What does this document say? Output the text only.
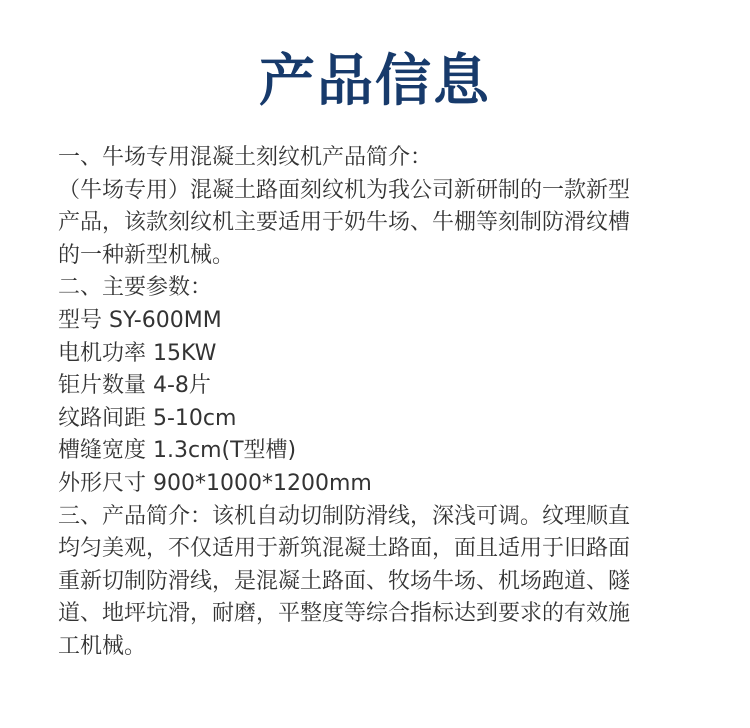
产品信息
一、牛场专用混凝土刻纹机产品简介：
（牛场专用）混凝土路面刻纹机为我公司新研制的一款新型
产品，该款刻纹机主要适用于奶牛场、牛棚等刻制防滑纹槽
的一种新型机械。
二、主要参数：
型号 SY-600MM
电机功率 15KW
钜片数量 4-8片
纹路间距 5-10cm
槽缝宽度 1.3cm(T型槽)
外形尺寸 900*1000*1200mm
三、产品简介：该机自动切制防滑线，深浅可调。纹理顺直
均匀美观，不仅适用于新筑混凝土路面，面且适用于旧路面
重新切制防滑线，是混凝土路面、牧场牛场、机场跑道、隧
道、地坪坑滑，耐磨，平整度等综合指标达到要求的有效施
工机械。
